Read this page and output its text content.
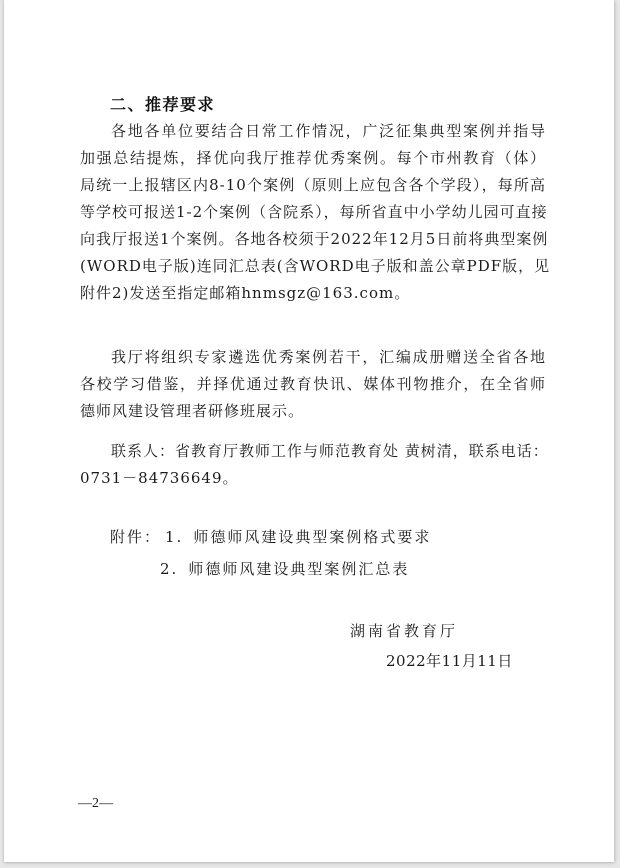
二、推荐要求
各地各单位要结合日常工作情况，广泛征集典型案例并指导
加强总结提炼，择优向我厅推荐优秀案例。每个市州教育（体）
局统一上报辖区内8-10个案例（原则上应包含各个学段），每所高
等学校可报送1-2个案例（含院系），每所省直中小学幼儿园可直接
向我厅报送1个案例。各地各校须于2022年12月5日前将典型案例
(WORD电子版)连同汇总表(含WORD电子版和盖公章PDF版，见
附件2)发送至指定邮箱hnmsgz@163.com。
我厅将组织专家遴选优秀案例若干，汇编成册赠送全省各地
各校学习借鉴，并择优通过教育快讯、媒体刊物推介，在全省师
德师风建设管理者研修班展示。
联系人：省教育厅教师工作与师范教育处 黄树清，联系电话：
0731－84736649。
附件： 1. 师德师风建设典型案例格式要求
2. 师德师风建设典型案例汇总表
湖南省教育厅
2022年11月11日
—2—
